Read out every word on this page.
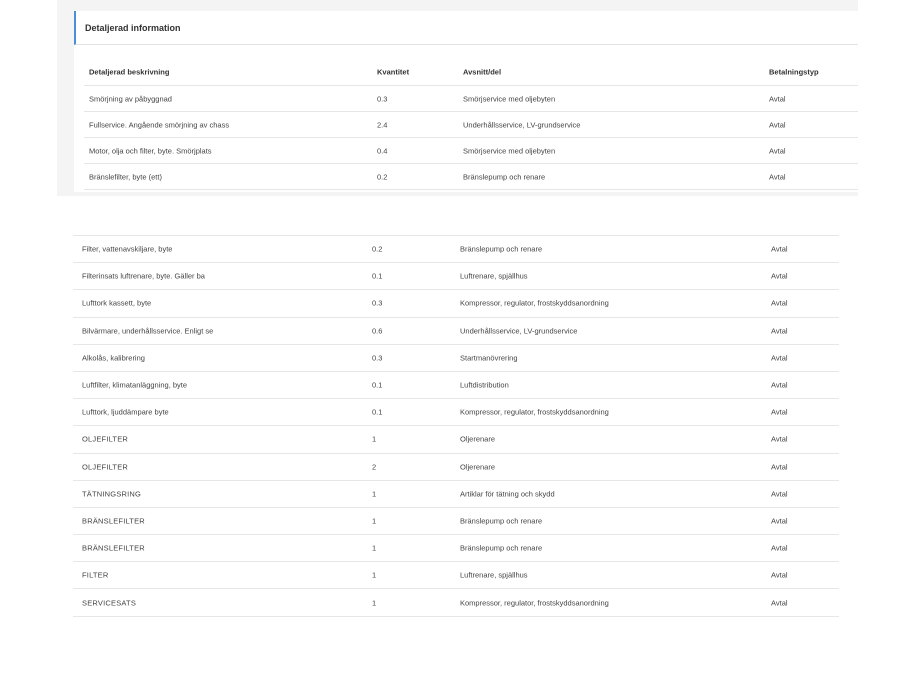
Detaljerad information
Detaljerad beskrivning	Kvantitet	Avsnitt/del	Betalningstyp
Smörjning av påbyggnad	0.3	Smörjservice med oljebyten	Avtal
Fullservice. Angående smörjning av chass	2.4	Underhållsservice, LV-grundservice	Avtal
Motor, olja och filter, byte. Smörjplats	0.4	Smörjservice med oljebyten	Avtal
Bränslefilter, byte (ett)	0.2	Bränslepump och renare	Avtal
Filter, vattenavskiljare, byte	0.2	Bränslepump och renare	Avtal
Filterinsats luftrenare, byte. Gäller ba	0.1	Luftrenare, spjällhus	Avtal
Lufttork kassett, byte	0.3	Kompressor, regulator, frostskyddsanordning	Avtal
Bilvärmare, underhållsservice. Enligt se	0.6	Underhållsservice, LV-grundservice	Avtal
Alkolås, kalibrering	0.3	Startmanövrering	Avtal
Luftfilter, klimatanläggning, byte	0.1	Luftdistribution	Avtal
Lufttork, ljuddämpare byte	0.1	Kompressor, regulator, frostskyddsanordning	Avtal
OLJEFILTER	1	Oljerenare	Avtal
OLJEFILTER	2	Oljerenare	Avtal
TÄTNINGSRING	1	Artiklar för tätning och skydd	Avtal
BRÄNSLEFILTER	1	Bränslepump och renare	Avtal
BRÄNSLEFILTER	1	Bränslepump och renare	Avtal
FILTER	1	Luftrenare, spjällhus	Avtal
SERVICESATS	1	Kompressor, regulator, frostskyddsanordning	Avtal
